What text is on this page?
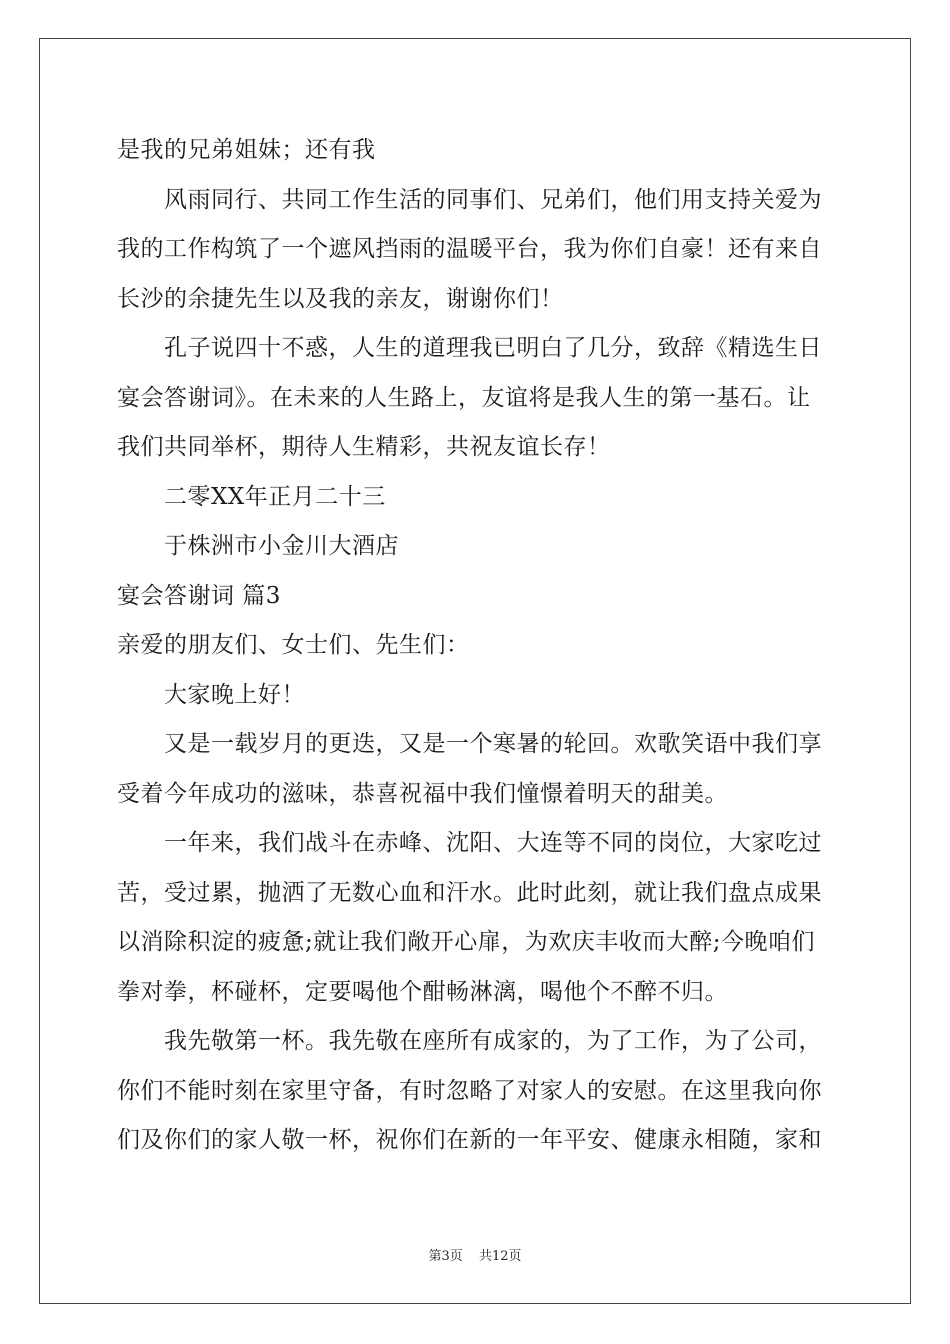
是我的兄弟姐妹；还有我
风雨同行、共同工作生活的同事们、兄弟们，他们用支持关爱为
我的工作构筑了一个遮风挡雨的温暖平台，我为你们自豪！还有来自
长沙的余捷先生以及我的亲友，谢谢你们！
孔子说四十不惑，人生的道理我已明白了几分，致辞《精选生日
宴会答谢词》。在未来的人生路上，友谊将是我人生的第一基石。让
我们共同举杯，期待人生精彩，共祝友谊长存！
二零XX年正月二十三
于株洲市小金川大酒店
宴会答谢词 篇3
亲爱的朋友们、女士们、先生们：
大家晚上好！
又是一载岁月的更迭，又是一个寒暑的轮回。欢歌笑语中我们享
受着今年成功的滋味，恭喜祝福中我们憧憬着明天的甜美。
一年来，我们战斗在赤峰、沈阳、大连等不同的岗位，大家吃过
苦，受过累，抛洒了无数心血和汗水。此时此刻，就让我们盘点成果
以消除积淀的疲惫;就让我们敞开心扉，为欢庆丰收而大醉;今晚咱们
拳对拳，杯碰杯，定要喝他个酣畅淋漓，喝他个不醉不归。
我先敬第一杯。我先敬在座所有成家的，为了工作，为了公司，
你们不能时刻在家里守备，有时忽略了对家人的安慰。在这里我向你
们及你们的家人敬一杯，祝你们在新的一年平安、健康永相随，家和
第3页 共12页
